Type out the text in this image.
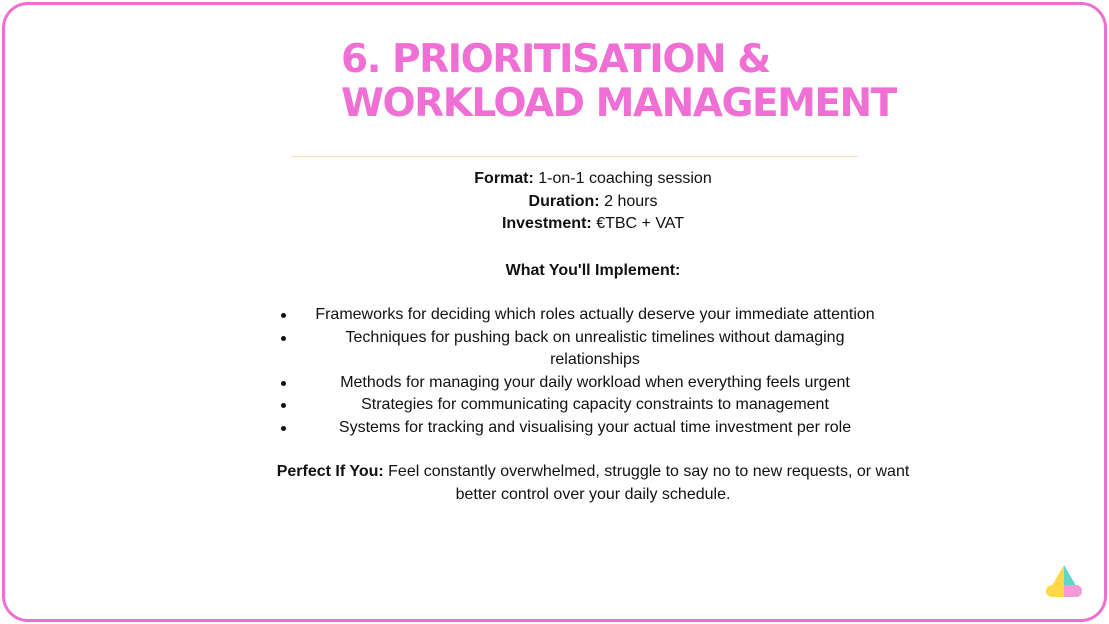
6. PRIORITISATION &
WORKLOAD MANAGEMENT

Format: 1-on-1 coaching session

Duration: 2 hours

Investment: €TBC + VAT

What You'll Implement:

Frameworks for deciding which roles actually deserve your immediate attention
Techniques for pushing back on unrealistic timelines without damaging relationships
Methods for managing your daily workload when everything feels urgent
Strategies for communicating capacity constraints to management
Systems for tracking and visualising your actual time investment per role

Perfect If You: Feel constantly overwhelmed, struggle to say no to new requests, or want better control over your daily schedule.
